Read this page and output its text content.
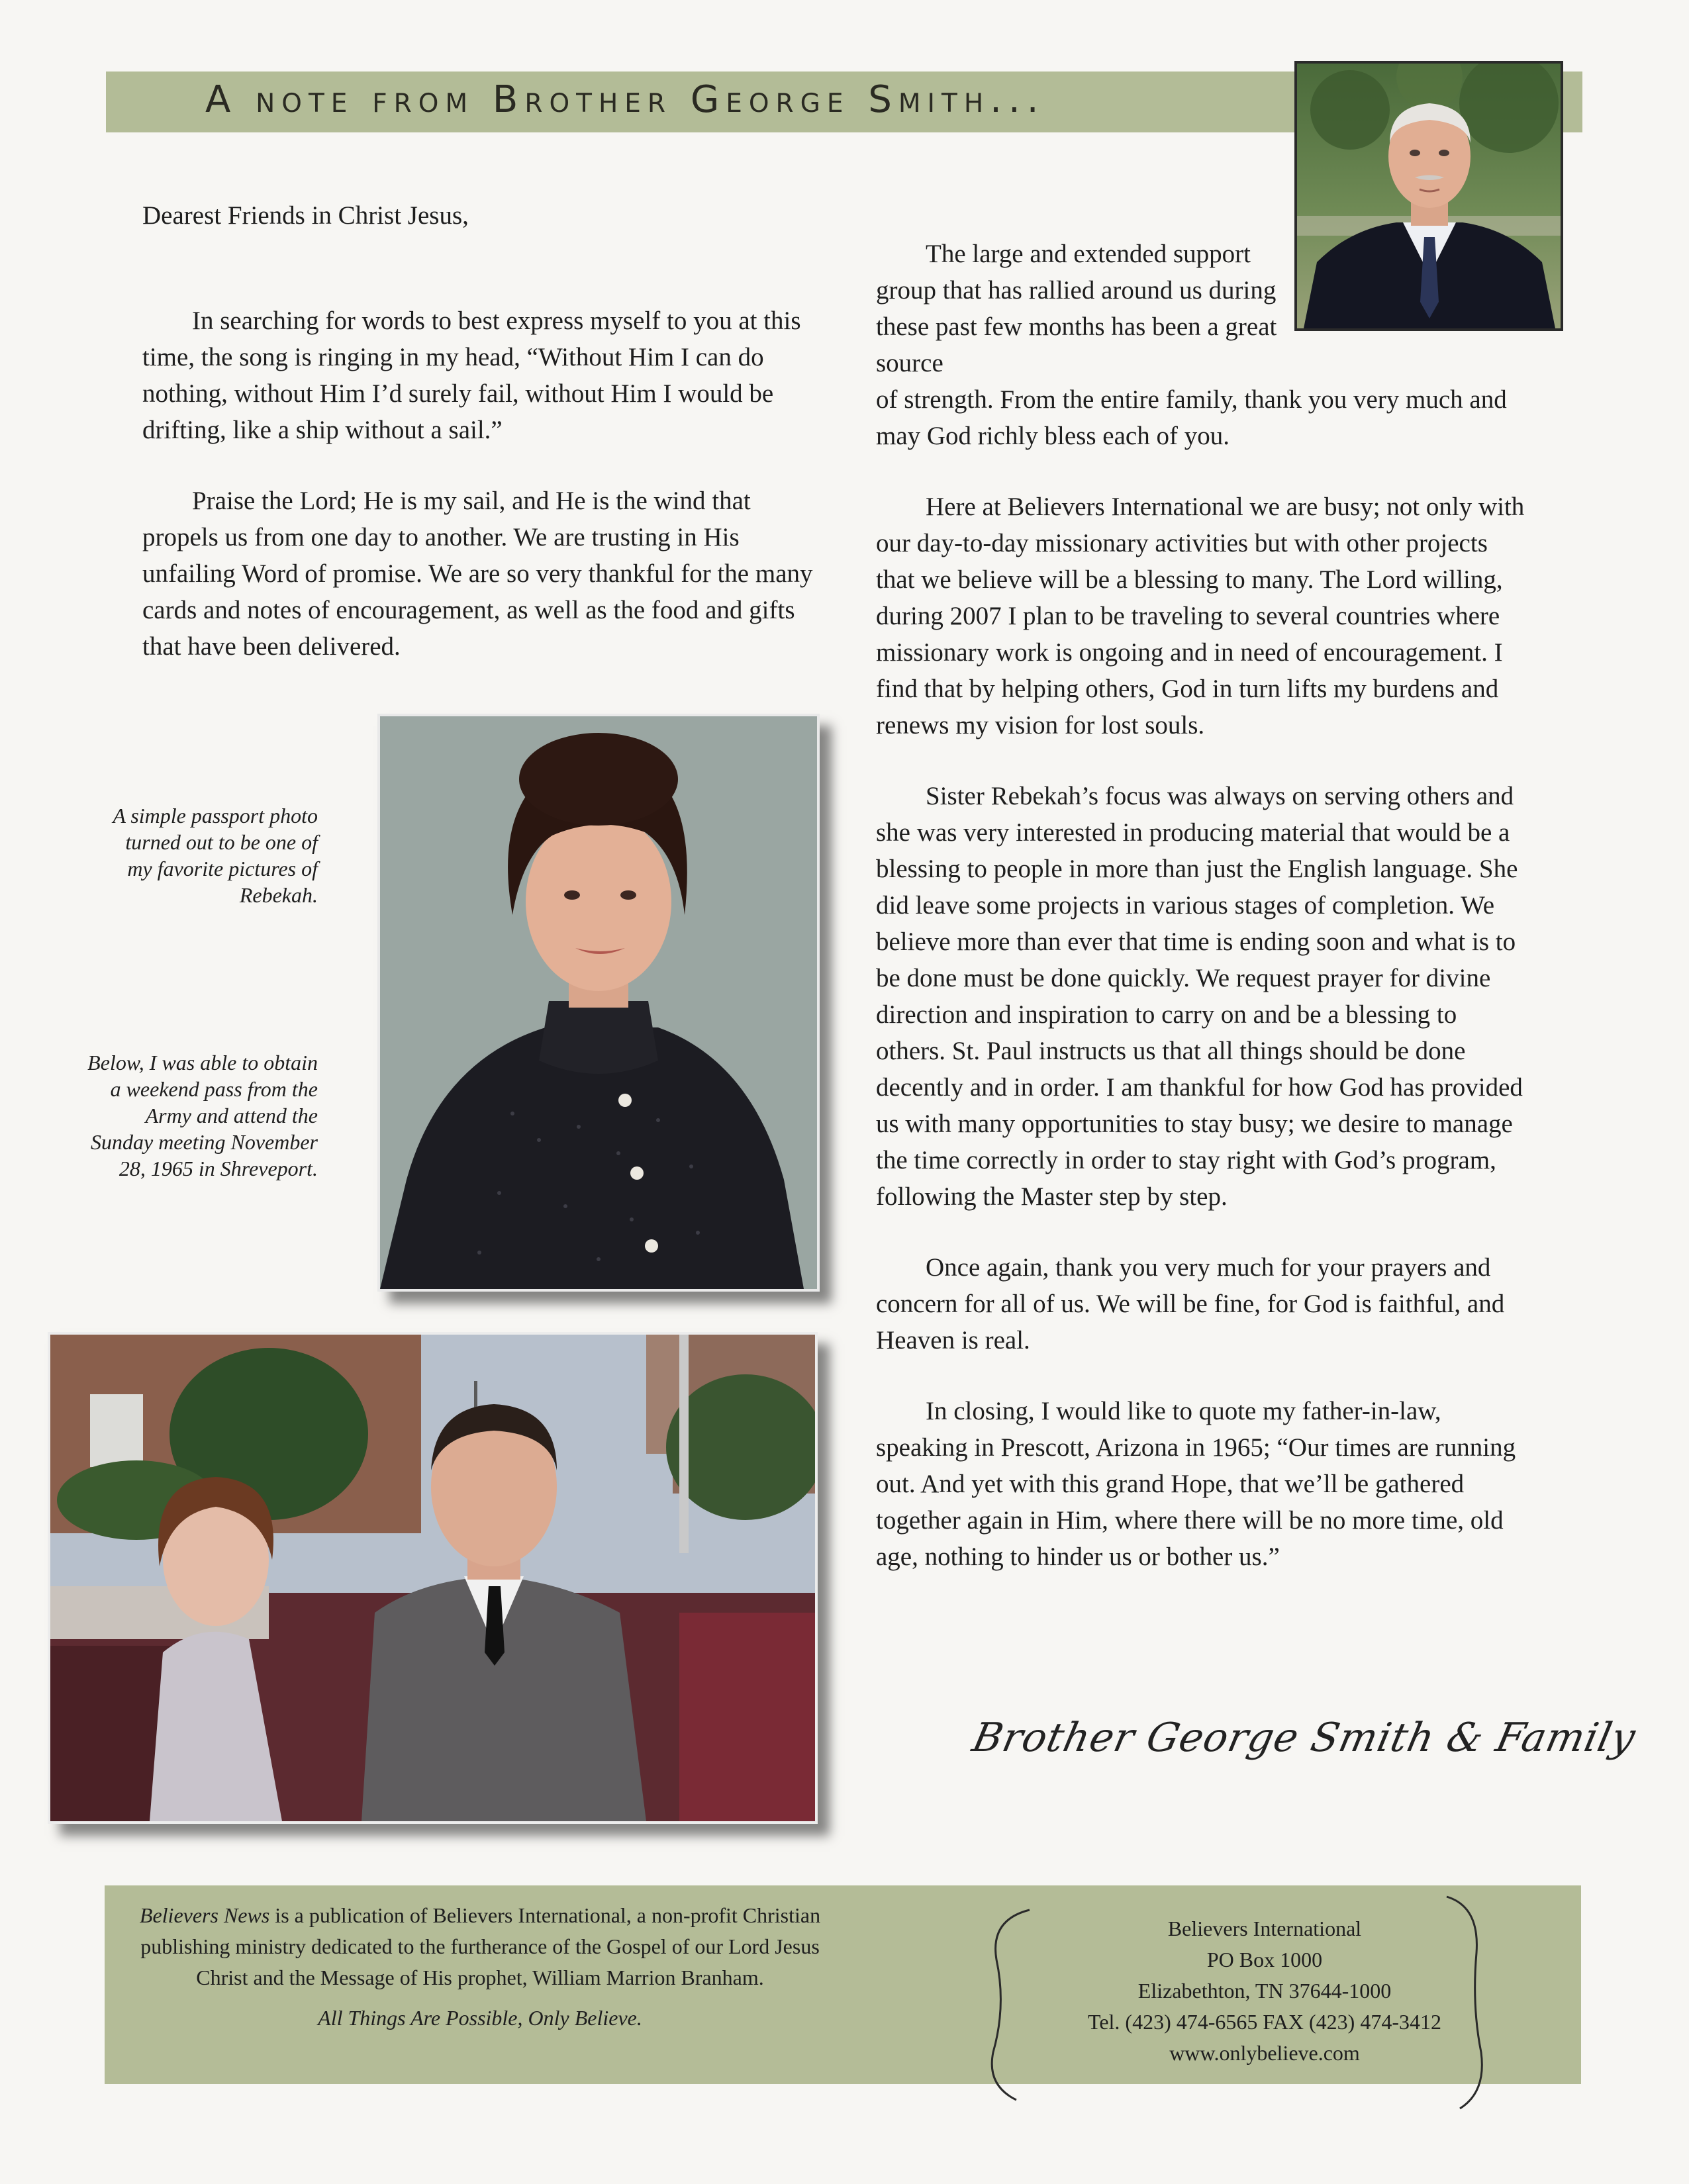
A note from Brother George Smith...

Dearest Friends in Christ Jesus,

In searching for words to best express myself to you at this time, the song is ringing in my head, “Without Him I can do nothing, without Him I’d surely fail, without Him I would be drifting, like a ship without a sail.”

Praise the Lord; He is my sail, and He is the wind that propels us from one day to another. We are trusting in His unfailing Word of promise. We are so very thankful for the many cards and notes of encouragement, as well as the food and gifts that have been delivered.

The large and extended support group that has rallied around us during these past few months has been a great source

of strength. From the entire family, thank you very much and may God richly bless each of you.

Here at Believers International we are busy; not only with our day-to-day missionary activities but with other projects that we believe will be a blessing to many. The Lord willing, during 2007 I plan to be traveling to several countries where missionary work is ongoing and in need of encouragement. I find that by helping others, God in turn lifts my burdens and renews my vision for lost souls.

Sister Rebekah’s focus was always on serving others and she was very interested in producing material that would be a blessing to people in more than just the English language. She did leave some projects in various stages of completion. We believe more than ever that time is ending soon and what is to be done must be done quickly. We request prayer for divine direction and inspiration to carry on and be a blessing to others. St. Paul instructs us that all things should be done decently and in order. I am thankful for how God has provided us with many opportunities to stay busy; we desire to manage the time correctly in order to stay right with God’s program, following the Master step by step.

Once again, thank you very much for your prayers and concern for all of us. We will be fine, for God is faithful, and Heaven is real.

In closing, I would like to quote my father-in-law, speaking in Prescott, Arizona in 1965; “Our times are running out. And yet with this grand Hope, that we’ll be gathered together again in Him, where there will be no more time, old age, nothing to hinder us or bother us.”

A simple passport photo turned out to be one of my favorite pictures of Rebekah.

Below, I was able to obtain a weekend pass from the Army and attend the Sunday meeting November 28, 1965 in Shreveport.

Brother George Smith & Family

Believers News is a publication of Believers International, a non-profit Christian publishing ministry dedicated to the furtherance of the Gospel of our Lord Jesus Christ and the Message of His prophet, William Marrion Branham.

All Things Are Possible, Only Believe.

Believers International

PO Box 1000

Elizabethton, TN 37644-1000

Tel. (423) 474-6565 FAX (423) 474-3412

www.onlybelieve.com
